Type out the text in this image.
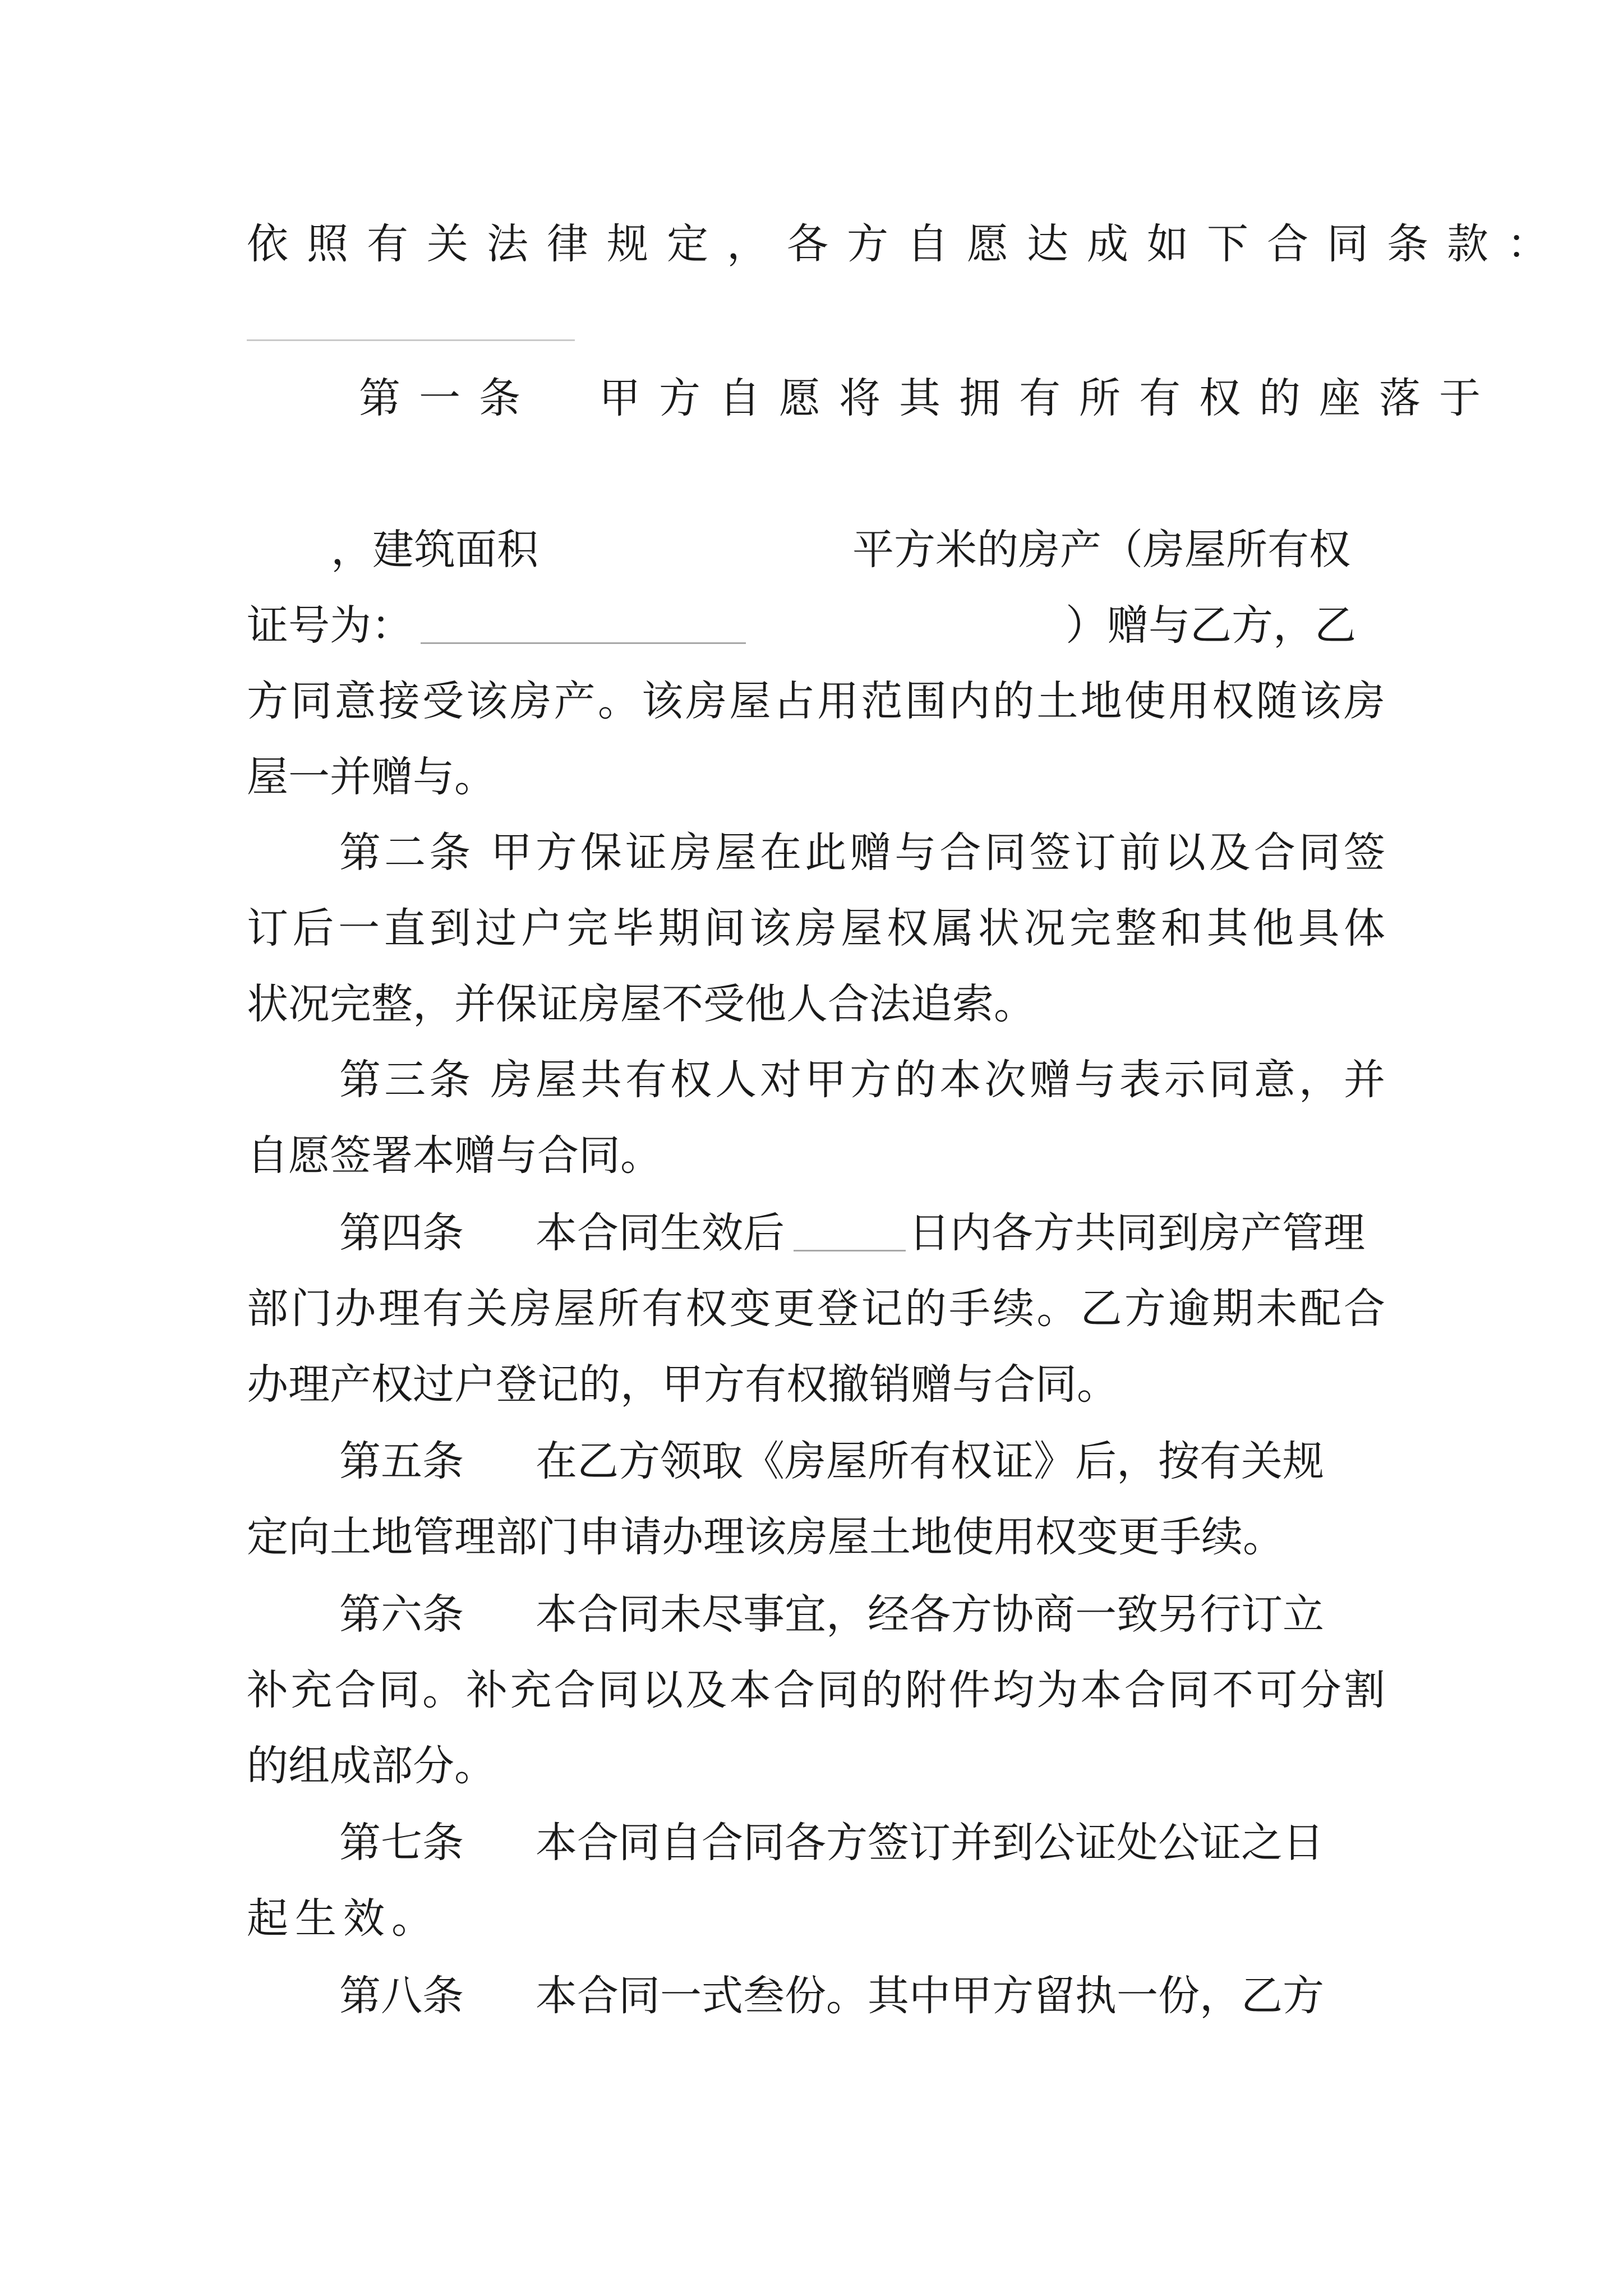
依照有关法律规定，各方自愿达成如下合同条款：
第一条　甲方自愿将其拥有所有权的座落于
，建筑面积	平方米的房产（房屋所有权
证号为：	）赠与乙方，乙
方同意接受该房产。该房屋占用范围内的土地使用权随该房
屋一并赠与。
第二条 甲方保证房屋在此赠与合同签订前以及合同签
订后一直到过户完毕期间该房屋权属状况完整和其他具体
状况完整，并保证房屋不受他人合法追索。
第三条 房屋共有权人对甲方的本次赠与表示同意，并
自愿签署本赠与合同。
第四条 本合同生效后	日内各方共同到房产管理
部门办理有关房屋所有权变更登记的手续。乙方逾期未配合
办理产权过户登记的，甲方有权撤销赠与合同。
第五条 在乙方领取《房屋所有权证》后，按有关规
定向土地管理部门申请办理该房屋土地使用权变更手续。
第六条 本合同未尽事宜，经各方协商一致另行订立
补充合同。补充合同以及本合同的附件均为本合同不可分割
的组成部分。
第七条 本合同自合同各方签订并到公证处公证之日
起生效。
第八条 本合同一式叁份。其中甲方留执一份，乙方
